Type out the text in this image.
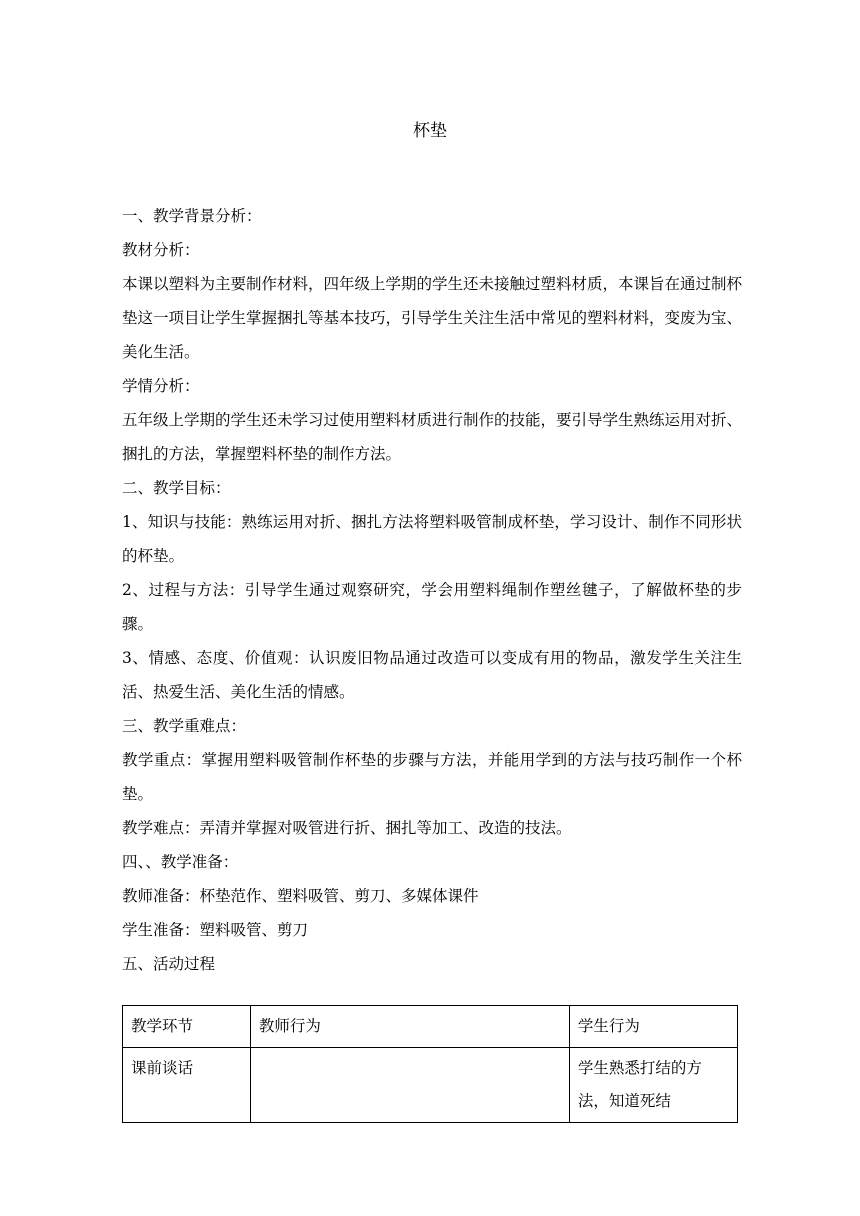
杯垫

一、教学背景分析：

教材分析：

本课以塑料为主要制作材料，四年级上学期的学生还未接触过塑料材质，本课旨在通过制杯垫这一项目让学生掌握捆扎等基本技巧，引导学生关注生活中常见的塑料材料，变废为宝、美化生活。

学情分析：

五年级上学期的学生还未学习过使用塑料材质进行制作的技能，要引导学生熟练运用对折、捆扎的方法，掌握塑料杯垫的制作方法。

二、教学目标：

1、知识与技能：熟练运用对折、捆扎方法将塑料吸管制成杯垫，学习设计、制作不同形状的杯垫。

2、过程与方法：引导学生通过观察研究，学会用塑料绳制作塑丝毽子，了解做杯垫的步骤。

3、情感、态度、价值观：认识废旧物品通过改造可以变成有用的物品，激发学生关注生活、热爱生活、美化生活的情感。

三、教学重难点：

教学重点：掌握用塑料吸管制作杯垫的步骤与方法，并能用学到的方法与技巧制作一个杯垫。

教学难点：弄清并掌握对吸管进行折、捆扎等加工、改造的技法。

四、、教学准备：

教师准备：杯垫范作、塑料吸管、剪刀、多媒体课件

学生准备：塑料吸管、剪刀

五、活动过程

教学环节	教师行为	学生行为
课前谈话		学生熟悉打结的方法，知道死结
